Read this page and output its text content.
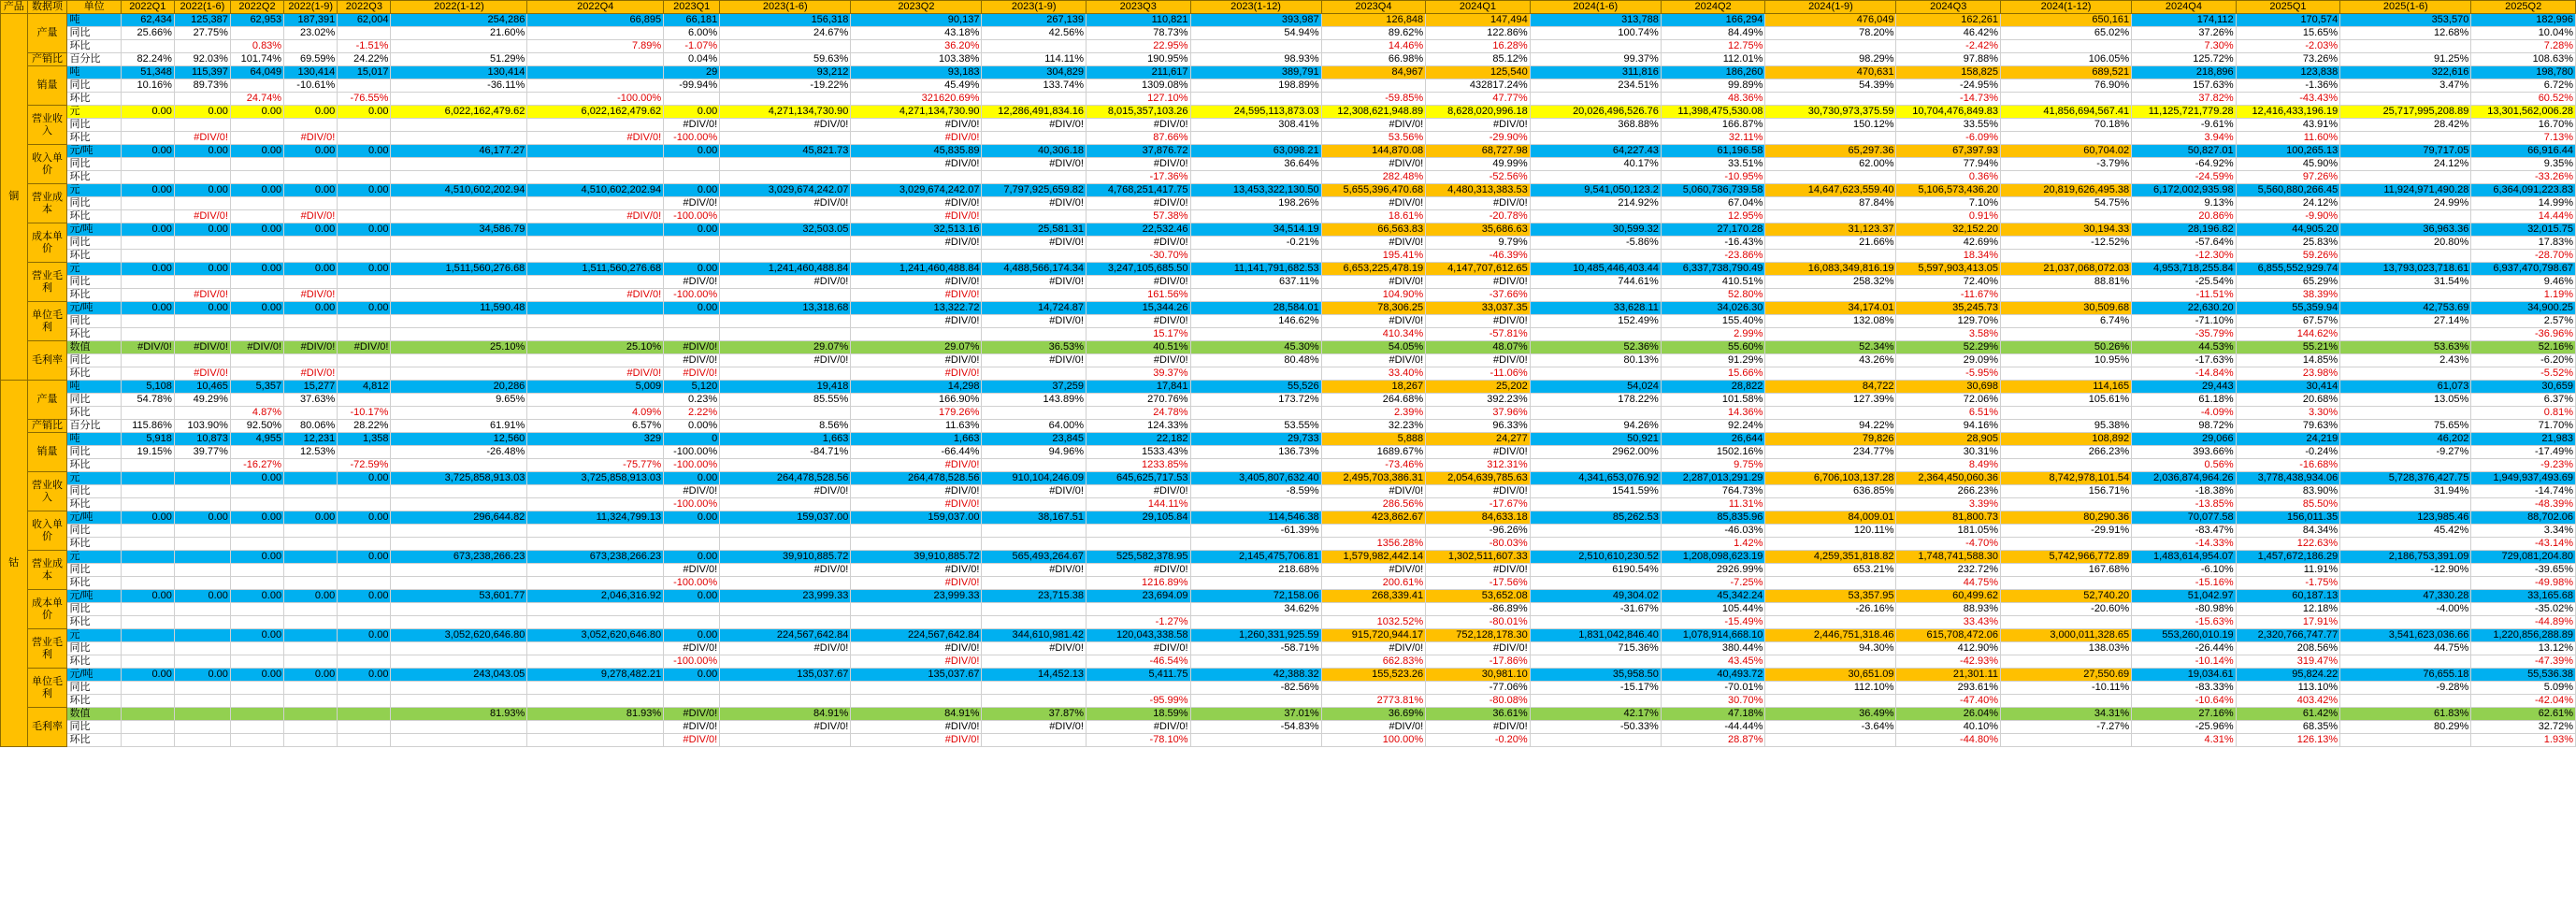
产品	数据项	单位	2022Q1	2022(1-6)	2022Q2	2022(1-9)	2022Q3	2022(1-12)	2022Q4	2023Q1	2023(1-6)	2023Q2	2023(1-9)	2023Q3	2023(1-12)	2023Q4	2024Q1	2024(1-6)	2024Q2	2024(1-9)	2024Q3	2024(1-12)	2024Q4	2025Q1	2025(1-6)	2025Q2
铜	产量	吨	62,434	125,387	62,953	187,391	62,004	254,286	66,895	66,181	156,318	90,137	267,139	110,821	393,987	126,848	147,494	313,788	166,294	476,049	162,261	650,161	174,112	170,574	353,570	182,996
		同比	25.66%	27.75%		23.02%		21.60%		6.00%	24.67%	43.18%	42.56%	78.73%	54.94%	89.62%	122.86%	100.74%	84.49%	78.20%	46.42%	65.02%	37.26%	15.65%	12.68%	10.04%
		环比			0.83%		-1.51%		7.89%	-1.07%		36.20%		22.95%		14.46%	16.28%		12.75%		-2.42%		7.30%	-2.03%		7.28%
	产销比	百分比	82.24%	92.03%	101.74%	69.59%	24.22%	51.29%		0.04%	59.63%	103.38%	114.11%	190.95%	98.93%	66.98%	85.12%	99.37%	112.01%	98.29%	97.88%	106.05%	125.72%	73.26%	91.25%	108.63%
	销量	吨	51,348	115,397	64,049	130,414	15,017	130,414		29	93,212	93,183	304,829	211,617	389,791	84,967	125,540	311,816	186,260	470,631	158,825	689,521	218,896	123,838	322,616	198,780
		同比	10.16%	89.73%		-10.61%		-36.11%		-99.94%	-19.22%	45.49%	133.74%	1309.08%	198.89%		432817.24%	234.51%	99.89%	54.39%	-24.95%	76.90%	157.63%	-1.36%	3.47%	6.72%
		环比			24.74%		-76.55%		-100.00%			321620.69%		127.10%		-59.85%	47.77%		48.36%		-14.73%		37.82%	-43.43%		60.52%
	营业收入	元	0.00	0.00	0.00	0.00	0.00	6,022,162,479.62	6,022,162,479.62	0.00	4,271,134,730.90	4,271,134,730.90	12,286,491,834.16	8,015,357,103.26	24,595,113,873.03	12,308,621,948.89	8,628,020,996.18	20,026,496,526.76	11,398,475,530.08	30,730,973,375.59	10,704,476,849.83	41,856,694,567.41	11,125,721,779.28	12,416,433,196.19	25,717,995,208.89	13,301,562,006.28
		同比								#DIV/0!	#DIV/0!	#DIV/0!	#DIV/0!	#DIV/0!	308.41%	#DIV/0!	#DIV/0!	368.88%	166.87%	150.12%	33.55%	70.18%	-9.61%	43.91%	28.42%	16.70%
		环比		#DIV/0!		#DIV/0!			#DIV/0!	-100.00%		#DIV/0!		87.66%		53.56%	-29.90%		32.11%		-6.09%		3.94%	11.60%		7.13%
	收入单价	元/吨	0.00	0.00	0.00	0.00	0.00	46,177.27		0.00	45,821.73	45,835.89	40,306.18	37,876.72	63,098.21	144,870.08	68,727.98	64,227.43	61,196.58	65,297.36	67,397.93	60,704.02	50,827.01	100,265.13	79,717.05	66,916.44
		同比										#DIV/0!	#DIV/0!	#DIV/0!	36.64%	#DIV/0!	49.99%	40.17%	33.51%	62.00%	77.94%	-3.79%	-64.92%	45.90%	24.12%	9.35%
		环比												-17.36%		282.48%	-52.56%		-10.95%		0.36%		-24.59%	97.26%		-33.26%
	营业成本	元	0.00	0.00	0.00	0.00	0.00	4,510,602,202.94	4,510,602,202.94	0.00	3,029,674,242.07	3,029,674,242.07	7,797,925,659.82	4,768,251,417.75	13,453,322,130.50	5,655,396,470.68	4,480,313,383.53	9,541,050,123.2	5,060,736,739.58	14,647,623,559.40	5,106,573,436.20	20,819,626,495.38	6,172,002,935.98	5,560,880,266.45	11,924,971,490.28	6,364,091,223.83
		同比								#DIV/0!	#DIV/0!	#DIV/0!	#DIV/0!	#DIV/0!	198.26%	#DIV/0!	#DIV/0!	214.92%	67.04%	87.84%	7.10%	54.75%	9.13%	24.12%	24.99%	14.99%
		环比		#DIV/0!		#DIV/0!			#DIV/0!	-100.00%		#DIV/0!		57.38%		18.61%	-20.78%		12.95%		0.91%		20.86%	-9.90%		14.44%
	成本单价	元/吨	0.00	0.00	0.00	0.00	0.00	34,586.79		0.00	32,503.05	32,513.16	25,581.31	22,532.46	34,514.19	66,563.83	35,686.63	30,599.32	27,170.28	31,123.37	32,152.20	30,194.33	28,196.82	44,905.20	36,963.36	32,015.75
		同比										#DIV/0!	#DIV/0!	#DIV/0!	-0.21%	#DIV/0!	9.79%	-5.86%	-16.43%	21.66%	42.69%	-12.52%	-57.64%	25.83%	20.80%	17.83%
		环比												-30.70%		195.41%	-46.39%		-23.86%		18.34%		-12.30%	59.26%		-28.70%
	营业毛利	元	0.00	0.00	0.00	0.00	0.00	1,511,560,276.68	1,511,560,276.68	0.00	1,241,460,488.84	1,241,460,488.84	4,488,566,174.34	3,247,105,685.50	11,141,791,682.53	6,653,225,478.19	4,147,707,612.65	10,485,446,403.44	6,337,738,790.49	16,083,349,816.19	5,597,903,413.05	21,037,068,072.03	4,953,718,255.84	6,855,552,929.74	13,793,023,718.61	6,937,470,798.67
		同比								#DIV/0!	#DIV/0!	#DIV/0!	#DIV/0!	#DIV/0!	637.11%	#DIV/0!	#DIV/0!	744.61%	410.51%	258.32%	72.40%	88.81%	-25.54%	65.29%	31.54%	9.46%
		环比		#DIV/0!		#DIV/0!			#DIV/0!	-100.00%		#DIV/0!		161.56%		104.90%	-37.66%		52.80%		-11.67%		-11.51%	38.39%		1.19%
	单位毛利	元/吨	0.00	0.00	0.00	0.00	0.00	11,590.48		0.00	13,318.68	13,322.72	14,724.87	15,344.26	28,584.01	78,306.25	33,037.35	33,628.11	34,026.30	34,174.01	35,245.73	30,509.68	22,630.20	55,359.94	42,753.69	34,900.25
		同比										#DIV/0!	#DIV/0!	#DIV/0!	146.62%	#DIV/0!	#DIV/0!	152.49%	155.40%	132.08%	129.70%	6.74%	-71.10%	67.57%	27.14%	2.57%
		环比												15.17%		410.34%	-57.81%		2.99%		3.58%		-35.79%	144.62%		-36.96%
	毛利率	数值	#DIV/0!	#DIV/0!	#DIV/0!	#DIV/0!	#DIV/0!	25.10%	25.10%	#DIV/0!	29.07%	29.07%	36.53%	40.51%	45.30%	54.05%	48.07%	52.36%	55.60%	52.34%	52.29%	50.26%	44.53%	55.21%	53.63%	52.16%
		同比								#DIV/0!	#DIV/0!	#DIV/0!	#DIV/0!	#DIV/0!	80.48%	#DIV/0!	#DIV/0!	80.13%	91.29%	43.26%	29.09%	10.95%	-17.63%	14.85%	2.43%	-6.20%
		环比		#DIV/0!		#DIV/0!			#DIV/0!	#DIV/0!		#DIV/0!		39.37%		33.40%	-11.06%		15.66%		-5.95%		-14.84%	23.98%		-5.52%
钴	产量	吨	5,108	10,465	5,357	15,277	4,812	20,286	5,009	5,120	19,418	14,298	37,259	17,841	55,526	18,267	25,202	54,024	28,822	84,722	30,698	114,165	29,443	30,414	61,073	30,659
		同比	54.78%	49.29%		37.63%		9.65%		0.23%	85.55%	166.90%	143.89%	270.76%	173.72%	264.68%	392.23%	178.22%	101.58%	127.39%	72.06%	105.61%	61.18%	20.68%	13.05%	6.37%
		环比			4.87%		-10.17%		4.09%	2.22%		179.26%		24.78%		2.39%	37.96%		14.36%		6.51%		-4.09%	3.30%		0.81%
	产销比	百分比	115.86%	103.90%	92.50%	80.06%	28.22%	61.91%	6.57%	0.00%	8.56%	11.63%	64.00%	124.33%	53.55%	32.23%	96.33%	94.26%	92.24%	94.22%	94.16%	95.38%	98.72%	79.63%	75.65%	71.70%
	销量	吨	5,918	10,873	4,955	12,231	1,358	12,560	329	0	1,663	1,663	23,845	22,182	29,733	5,888	24,277	50,921	26,644	79,826	28,905	108,892	29,066	24,219	46,202	21,983
		同比	19.15%	39.77%		12.53%		-26.48%		-100.00%	-84.71%	-66.44%	94.96%	1533.43%	136.73%	1689.67%	#DIV/0!	2962.00%	1502.16%	234.77%	30.31%	266.23%	393.66%	-0.24%	-9.27%	-17.49%
		环比			-16.27%		-72.59%		-75.77%	-100.00%		#DIV/0!		1233.85%		-73.46%	312.31%		9.75%		8.49%		0.56%	-16.68%		-9.23%
	营业收入	元			0.00		0.00	3,725,858,913.03	3,725,858,913.03	0.00	264,478,528.56	264,478,528.56	910,104,246.09	645,625,717.53	3,405,807,632.40	2,495,703,386.31	2,054,639,785.63	4,341,653,076.92	2,287,013,291.29	6,706,103,137.28	2,364,450,060.36	8,742,978,101.54	2,036,874,964.26	3,778,438,934.06	5,728,376,427.75	1,949,937,493.69
		同比								#DIV/0!	#DIV/0!	#DIV/0!	#DIV/0!	#DIV/0!	-8.59%	#DIV/0!	#DIV/0!	1541.59%	764.73%	636.85%	266.23%	156.71%	-18.38%	83.90%	31.94%	-14.74%
		环比								-100.00%		#DIV/0!		144.11%		286.56%	-17.67%		11.31%		3.39%		-13.85%	85.50%		-48.39%
	收入单价	元/吨	0.00	0.00	0.00	0.00	0.00	296,644.82	11,324,799.13	0.00	159,037.00	159,037.00	38,167.51	29,105.84	114,546.38	423,862.67	84,633.18	85,262.53	85,835.96	84,009.01	81,800.73	80,290.36	70,077.58	156,011.35	123,985.46	88,702.06
		同比													-61.39%		-96.26%		-46.03%	120.11%	181.05%	-29.91%	-83.47%	84.34%	45.42%	3.34%
		环比														1356.28%	-80.03%		1.42%		-4.70%		-14.33%	122.63%		-43.14%
	营业成本	元			0.00		0.00	673,238,266.23	673,238,266.23	0.00	39,910,885.72	39,910,885.72	565,493,264.67	525,582,378.95	2,145,475,706.81	1,579,982,442.14	1,302,511,607.33	2,510,610,230.52	1,208,098,623.19	4,259,351,818.82	1,748,741,588.30	5,742,966,772.89	1,483,614,954.07	1,457,672,186.29	2,186,753,391.09	729,081,204.80
		同比								#DIV/0!	#DIV/0!	#DIV/0!	#DIV/0!	#DIV/0!	218.68%	#DIV/0!	#DIV/0!	6190.54%	2926.99%	653.21%	232.72%	167.68%	-6.10%	11.91%	-12.90%	-39.65%
		环比								-100.00%		#DIV/0!		1216.89%		200.61%	-17.56%		-7.25%		44.75%		-15.16%	-1.75%		-49.98%
	成本单价	元/吨	0.00	0.00	0.00	0.00	0.00	53,601.77	2,046,316.92	0.00	23,999.33	23,999.33	23,715.38	23,694.09	72,158.06	268,339.41	53,652.08	49,304.02	45,342.24	53,357.95	60,499.62	52,740.20	51,042.97	60,187.13	47,330.28	33,165.68
		同比													34.62%		-86.89%	-31.67%	105.44%	-26.16%	88.93%	-20.60%	-80.98%	12.18%	-4.00%	-35.02%
		环比												-1.27%		1032.52%	-80.01%		-15.49%		33.43%		-15.63%	17.91%		-44.89%
	营业毛利	元			0.00		0.00	3,052,620,646.80	3,052,620,646.80	0.00	224,567,642.84	224,567,642.84	344,610,981.42	120,043,338.58	1,260,331,925.59	915,720,944.17	752,128,178.30	1,831,042,846.40	1,078,914,668.10	2,446,751,318.46	615,708,472.06	3,000,011,328.65	553,260,010.19	2,320,766,747.77	3,541,623,036.66	1,220,856,288.89
		同比								#DIV/0!	#DIV/0!	#DIV/0!	#DIV/0!	#DIV/0!	-58.71%	#DIV/0!	#DIV/0!	715.36%	380.44%	94.30%	412.90%	138.03%	-26.44%	208.56%	44.75%	13.12%
		环比								-100.00%		#DIV/0!		-46.54%		662.83%	-17.86%		43.45%		-42.93%		-10.14%	319.47%		-47.39%
	单位毛利	元/吨	0.00	0.00	0.00	0.00	0.00	243,043.05	9,278,482.21	0.00	135,037.67	135,037.67	14,452.13	5,411.75	42,388.32	155,523.26	30,981.10	35,958.50	40,493.72	30,651.09	21,301.11	27,550.69	19,034.61	95,824.22	76,655.18	55,536.38
		同比													-82.56%		-77.06%	-15.17%	-70.01%	112.10%	293.61%	-10.11%	-83.33%	113.10%	-9.28%	5.09%
		环比												-95.99%		2773.81%	-80.08%		30.70%		-47.40%		-10.64%	403.42%		-42.04%
	毛利率	数值						81.93%	81.93%	#DIV/0!	84.91%	84.91%	37.87%	18.59%	37.01%	36.69%	36.61%	42.17%	47.18%	36.49%	26.04%	34.31%	27.16%	61.42%	61.83%	62.61%
		同比								#DIV/0!	#DIV/0!	#DIV/0!	#DIV/0!	#DIV/0!	-54.83%	#DIV/0!	#DIV/0!	-50.33%	-44.44%	-3.64%	40.10%	-7.27%	-25.96%	68.35%	80.29%	32.72%
		环比								#DIV/0!		#DIV/0!		-78.10%		100.00%	-0.20%		28.87%		-44.80%		4.31%	126.13%		1.93%
雪球：戴维斯双击
